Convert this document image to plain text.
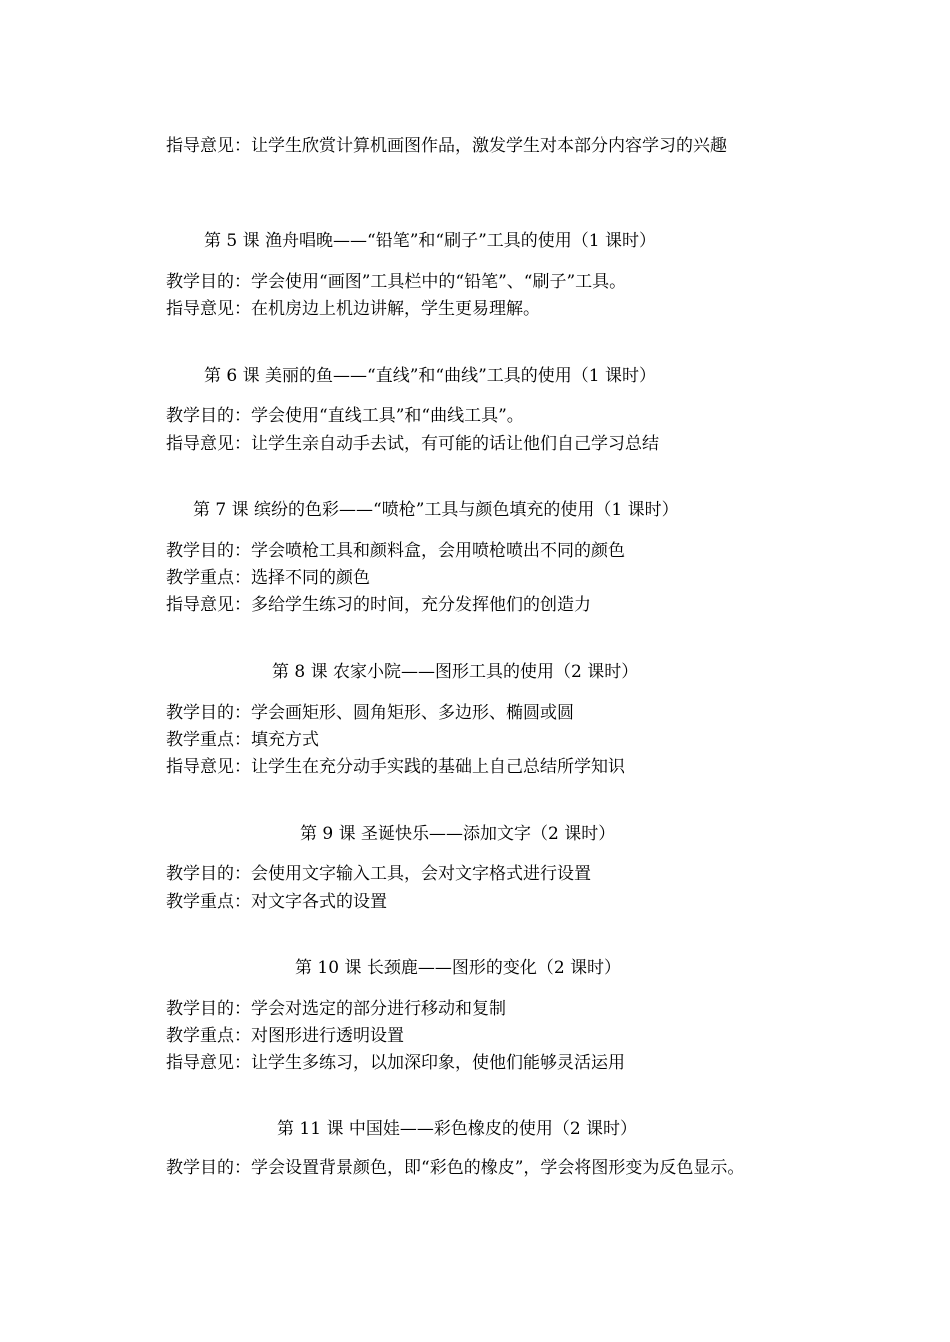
指导意见：让学生欣赏计算机画图作品，激发学生对本部分内容学习的兴趣
第 5 课 渔舟唱晚——“铅笔”和“刷子”工具的使用（1 课时）
教学目的：学会使用“画图”工具栏中的“铅笔”、“刷子”工具。
指导意见：在机房边上机边讲解，学生更易理解。
第 6 课 美丽的鱼——“直线”和“曲线”工具的使用（1 课时）
教学目的：学会使用“直线工具”和“曲线工具”。
指导意见：让学生亲自动手去试，有可能的话让他们自己学习总结
第 7 课 缤纷的色彩——“喷枪”工具与颜色填充的使用（1 课时）
教学目的：学会喷枪工具和颜料盒，会用喷枪喷出不同的颜色
教学重点：选择不同的颜色
指导意见：多给学生练习的时间，充分发挥他们的创造力
第 8 课 农家小院——图形工具的使用（2 课时）
教学目的：学会画矩形、圆角矩形、多边形、椭圆或圆
教学重点：填充方式
指导意见：让学生在充分动手实践的基础上自己总结所学知识
第 9 课 圣诞快乐——添加文字（2 课时）
教学目的：会使用文字输入工具，会对文字格式进行设置
教学重点：对文字各式的设置
第 10 课 长颈鹿——图形的变化（2 课时）
教学目的：学会对选定的部分进行移动和复制
教学重点：对图形进行透明设置
指导意见：让学生多练习，以加深印象，使他们能够灵活运用
第 11 课 中国娃——彩色橡皮的使用（2 课时）
教学目的：学会设置背景颜色，即“彩色的橡皮”，学会将图形变为反色显示。
